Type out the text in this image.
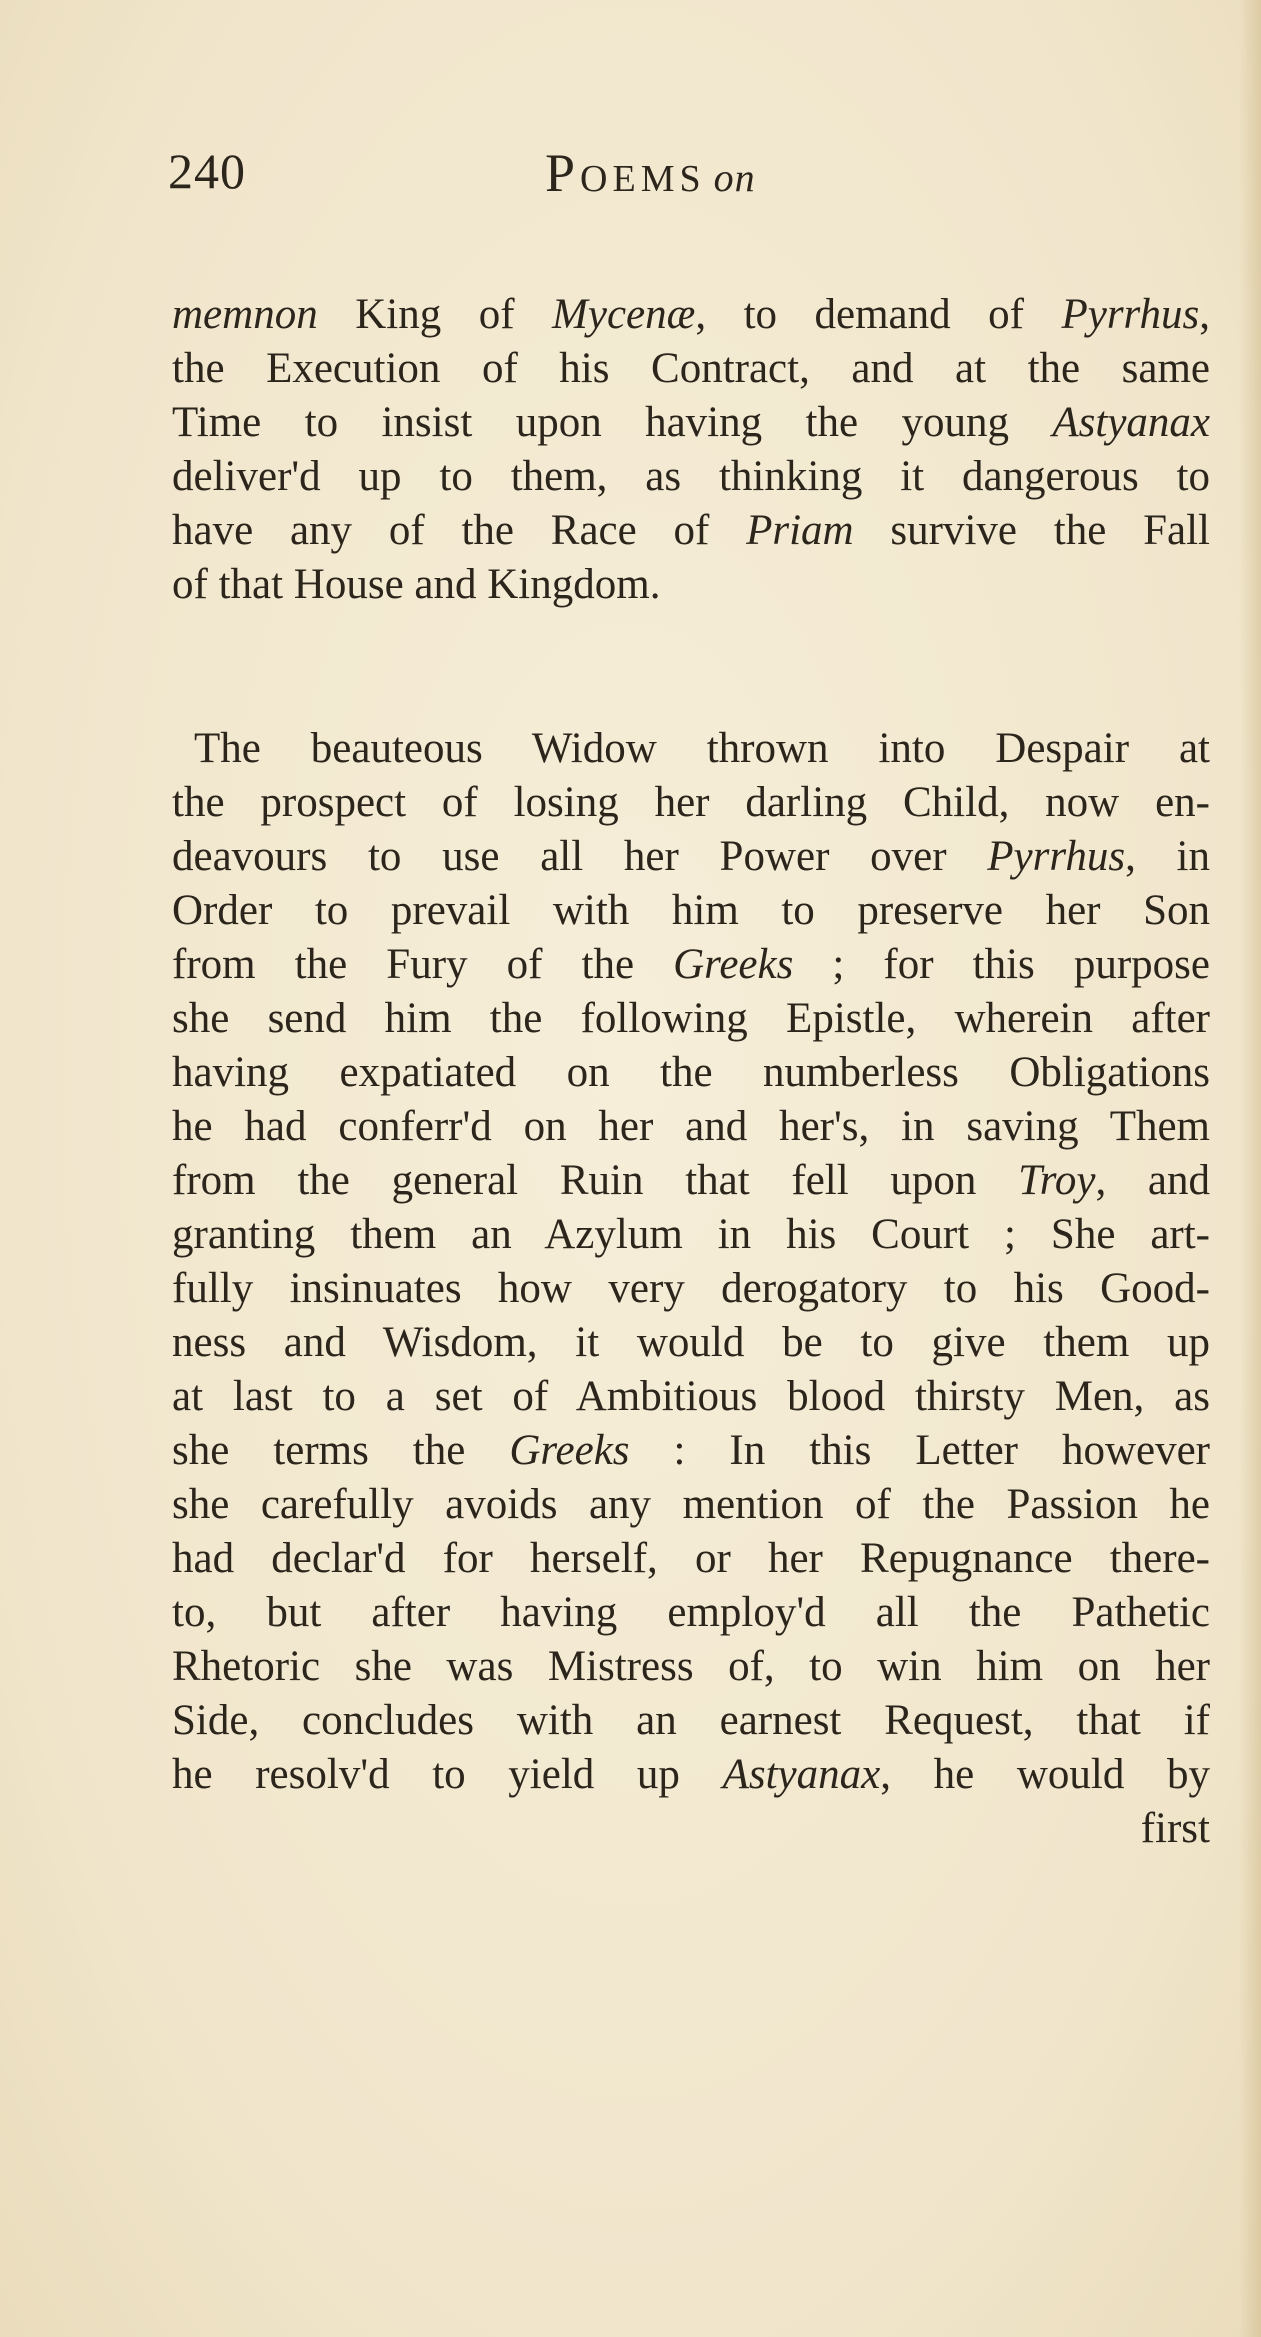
240	POEMS on
memnon King of Mycenæ, to demand of Pyrrhus,
the Execution of his Contract, and at the same
Time to insist upon having the young Astyanax
deliver'd up to them, as thinking it dangerous to
have any of the Race of Priam survive the Fall
of that House and Kingdom.
The beauteous Widow thrown into Despair at
the prospect of losing her darling Child, now en-
deavours to use all her Power over Pyrrhus, in
Order to prevail with him to preserve her Son
from the Fury of the Greeks ; for this purpose
she send him the following Epistle, wherein after
having expatiated on the numberless Obligations
he had conferr'd on her and her's, in saving Them
from the general Ruin that fell upon Troy, and
granting them an Azylum in his Court ; She art-
fully insinuates how very derogatory to his Good-
ness and Wisdom, it would be to give them up
at last to a set of Ambitious blood thirsty Men, as
she terms the Greeks : In this Letter however
she carefully avoids any mention of the Passion he
had declar'd for herself, or her Repugnance there-
to, but after having employ'd all the Pathetic
Rhetoric she was Mistress of, to win him on her
Side, concludes with an earnest Request, that if
he resolv'd to yield up Astyanax, he would by
first
